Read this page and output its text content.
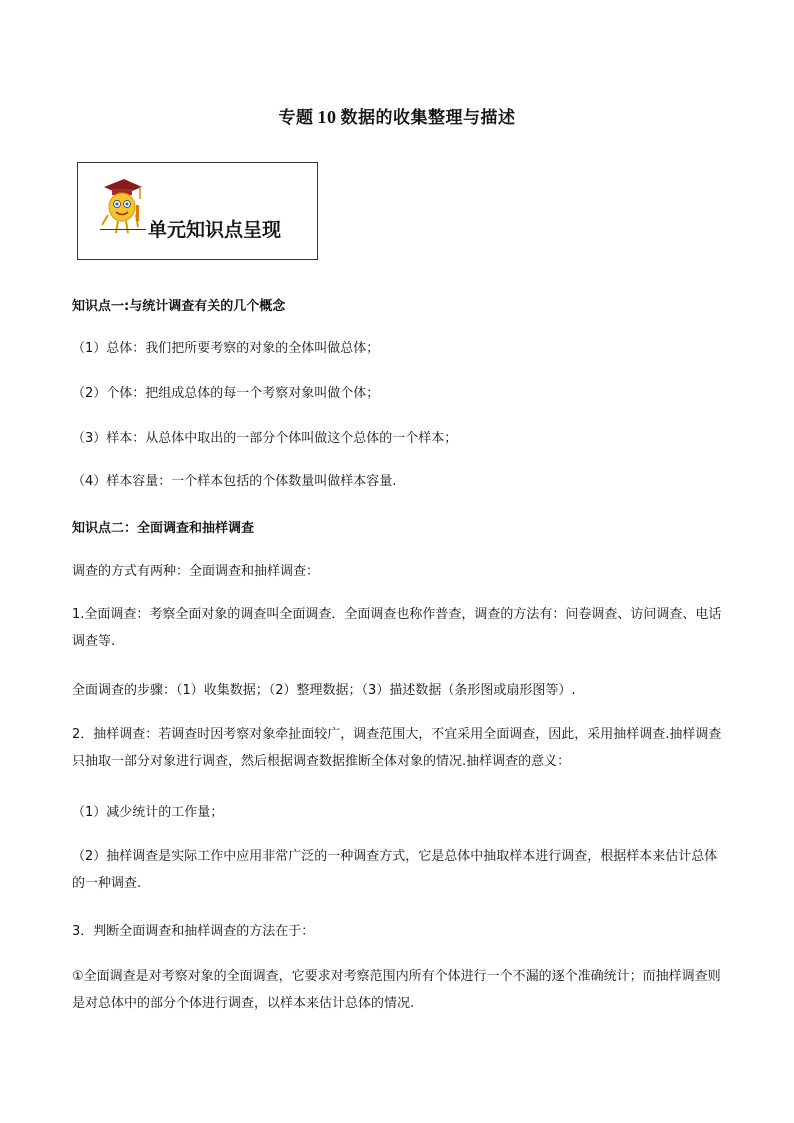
专题 10 数据的收集整理与描述
单元知识点呈现
知识点一:与统计调查有关的几个概念
（1）总体：我们把所要考察的对象的全体叫做总体；
（2）个体：把组成总体的每一个考察对象叫做个体；
（3）样本：从总体中取出的一部分个体叫做这个总体的一个样本；
（4）样本容量：一个样本包括的个体数量叫做样本容量.
知识点二：全面调查和抽样调查
调查的方式有两种：全面调查和抽样调查：
1.全面调查：考察全面对象的调查叫全面调查．全面调查也称作普查，调查的方法有：问卷调查、访问调查、电话调查等.
全面调查的步骤：（1）收集数据；（2）整理数据；（3）描述数据（条形图或扇形图等）.
2．抽样调查：若调查时因考察对象牵扯面较广，调查范围大，不宜采用全面调查，因此，采用抽样调查.抽样调查只抽取一部分对象进行调查，然后根据调查数据推断全体对象的情况.抽样调查的意义：
（1）减少统计的工作量；
（2）抽样调查是实际工作中应用非常广泛的一种调查方式，它是总体中抽取样本进行调查，根据样本来估计总体的一种调查.
3．判断全面调查和抽样调查的方法在于：
①全面调查是对考察对象的全面调查，它要求对考察范围内所有个体进行一个不漏的逐个准确统计；而抽样调查则是对总体中的部分个体进行调查，以样本来估计总体的情况.
